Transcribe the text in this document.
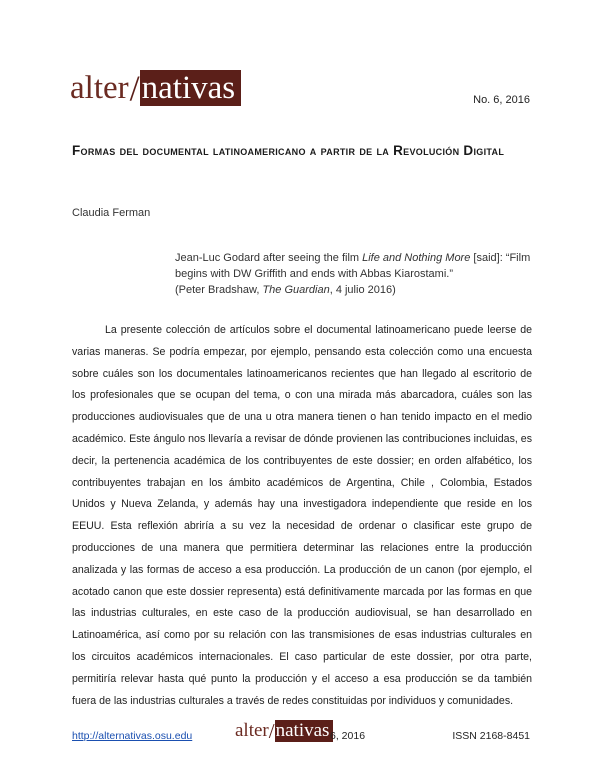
alter / nativas	No. 6, 2016
Formas del documental latinoamericano a partir de la Revolución Digital
Claudia Ferman
Jean-Luc Godard after seeing the film Life and Nothing More [said]: “Film begins with DW Griffith and ends with Abbas Kiarostami.”
(Peter Bradshaw, The Guardian, 4 julio 2016)

La presente colección de artículos sobre el documental latinoamericano puede leerse de varias maneras. Se podría empezar, por ejemplo, pensando esta colección como una encuesta sobre cuáles son los documentales latinoamericanos recientes que han llegado al escritorio de los profesionales que se ocupan del tema, o con una mirada más abarcadora, cuáles son las producciones audiovisuales que de una u otra manera tienen o han tenido impacto en el medio académico. Este ángulo nos llevaría a revisar de dónde provienen las contribuciones incluidas, es decir, la pertenencia académica de los contribuyentes de este dossier; en orden alfabético, los contribuyentes trabajan en los ámbito académicos de Argentina, Chile , Colombia, Estados Unidos y Nueva Zelanda, y además hay una investigadora independiente que reside en los EEUU. Esta reflexión abriría a su vez la necesidad de ordenar o clasificar este grupo de producciones de una manera que permitiera determinar las relaciones entre la producción analizada y las formas de acceso a esa producción. La producción de un canon (por ejemplo, el acotado canon que este dossier representa) está definitivamente marcada por las formas en que las industrias culturales, en este caso de la producción audiovisual, se han desarrollado en Latinoamérica, así como por su relación con las transmisiones de esas industrias culturales en los circuitos académicos internacionales. El caso particular de este dossier, por otra parte, permitiría relevar hasta qué punto la producción y el acceso a esa producción se da también fuera de las industrias culturales a través de redes constituidas por individuos y comunidades.

http://alternativas.osu.edu alter / nativas 6, 2016	ISSN 2168-8451
